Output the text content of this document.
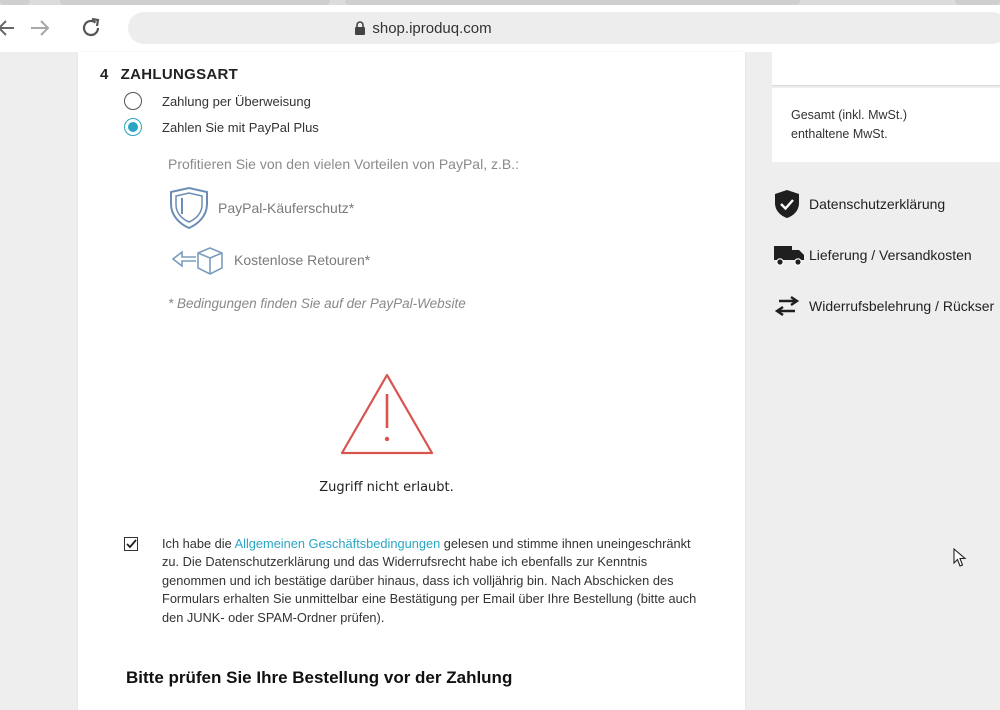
shop.iproduq.com
4 ZAHLUNGSART
Zahlung per Überweisung
Zahlen Sie mit PayPal Plus
Profitieren Sie von den vielen Vorteilen von PayPal, z.B.:
PayPal-Käuferschutz*
Kostenlose Retouren*
* Bedingungen finden Sie auf der PayPal-Website
Zugriff nicht erlaubt.
Ich habe die Allgemeinen Geschäftsbedingungen gelesen und stimme ihnen uneingeschränkt zu. Die Datenschutzerklärung und das Widerrufsrecht habe ich ebenfalls zur Kenntnis genommen und ich bestätige darüber hinaus, dass ich volljährig bin. Nach Abschicken des Formulars erhalten Sie unmittelbar eine Bestätigung per Email über Ihre Bestellung (bitte auch den JUNK- oder SPAM-Ordner prüfen).
Bitte prüfen Sie Ihre Bestellung vor der Zahlung
Gesamt (inkl. MwSt.)
enthaltene MwSt.
Datenschutzerklärung
Lieferung / Versandkosten
Widerrufsbelehrung / Rückser
